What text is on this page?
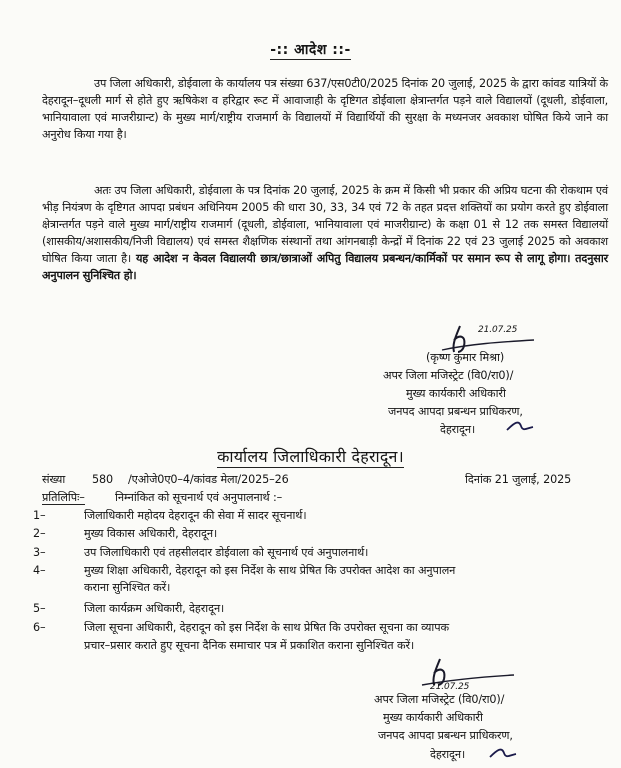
-:: आदेश ::-
उप जिला अधिकारी, डोईवाला के कार्यालय पत्र संख्या 637/एस0टी0/2025 दिनांक 20 जुलाई, 2025 के द्वारा कांवड यात्रियों के देहरादून–दूधली मार्ग से होते हुए ऋषिकेश व हरिद्वार रूट में आवाजाही के दृष्टिगत डोईवाला क्षेत्रान्तर्गत पड़ने वाले विद्यालयों (दूधली, डोईवाला, भानियावाला एवं माजरीग्रान्ट) के मुख्य मार्ग/राष्ट्रीय राजमार्ग के विद्यालयों में विद्यार्थियों की सुरक्षा के मध्यनजर अवकाश घोषित किये जाने का अनुरोध किया गया है।
अतः उप जिला अधिकारी, डोईवाला के पत्र दिनांक 20 जुलाई, 2025 के क्रम में किसी भी प्रकार की अप्रिय घटना की रोकथाम एवं भीड़ नियंत्रण के दृष्टिगत आपदा प्रबंधन अधिनियम 2005 की धारा 30, 33, 34 एवं 72 के तहत प्रदत्त शक्तियों का प्रयोग करते हुए डोईवाला क्षेत्रान्तर्गत पड़ने वाले मुख्य मार्ग/राष्ट्रीय राजमार्ग (दूधली, डोईवाला, भानियावाला एवं माजरीग्रान्ट) के कक्षा 01 से 12 तक समस्त विद्यालयों (शासकीय/अशासकीय/निजी विद्यालय) एवं समस्त शैक्षणिक संस्थानों तथा आंगनबाड़ी केन्द्रों में दिनांक 22 एवं 23 जुलाई 2025 को अवकाश घोषित किया जाता है। यह आदेश न केवल विद्यालयी छात्र/छात्राओं अपितु विद्यालय प्रबन्धन/कार्मिकों पर समान रूप से लागू होगा। तदनुसार अनुपालन सुनिश्चित हो।
21.07.25
(कृष्ण कुमार मिश्रा)
अपर जिला मजिस्ट्रेट (वि0/रा0)/
मुख्य कार्यकारी अधिकारी
जनपद आपदा प्रबन्धन प्राधिकरण,
देहरादून।
कार्यालय जिलाधिकारी देहरादून।
संख्या 580 /एओजे0ए0–4/कांवड मेला/2025–26	दिनांक 21 जुलाई, 2025
प्रतिलिपिः–	निम्नांकित को सूचनार्थ एवं अनुपालनार्थ :–
1–	जिलाधिकारी महोदय देहरादून की सेवा में सादर सूचनार्थ।
2–	मुख्य विकास अधिकारी, देहरादून।
3–	उप जिलाधिकारी एवं तहसीलदार डोईवाला को सूचनार्थ एवं अनुपालनार्थ।
4–	मुख्य शिक्षा अधिकारी, देहरादून को इस निर्देश के साथ प्रेषित कि उपरोक्त आदेश का अनुपालन
कराना सुनिश्चित करें।
5–	जिला कार्यक्रम अधिकारी, देहरादून।
6–	जिला सूचना अधिकारी, देहरादून को इस निर्देश के साथ प्रेषित कि उपरोक्त सूचना का व्यापक
प्रचार–प्रसार कराते हुए सूचना दैनिक समाचार पत्र में प्रकाशित कराना सुनिश्चित करें।
21.07.25
अपर जिला मजिस्ट्रेट (वि0/रा0)/
मुख्य कार्यकारी अधिकारी
जनपद आपदा प्रबन्धन प्राधिकरण,
देहरादून।
